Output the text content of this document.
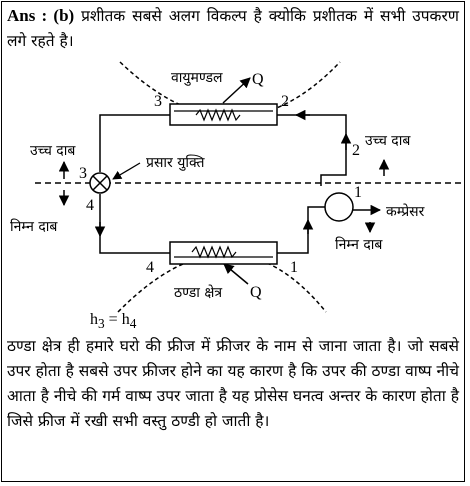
Ans : (b) प्रशीतक सबसे अलग विकल्प है क्योकि प्रशीतक में सभी उपकरण लगे रहते है।
वायुमण्डल Q
3	2
उच्च दाब
प्रसार युक्ति
3
4
निम्न दाब
उच्च दाब
2
1
कम्प्रेसर
निम्न दाब
4	1
ठण्डा क्षेत्र Q
$h_3 = h_4$
ठण्डा क्षेत्र ही हमारे घरो की फ्रीज में फ्रीजर के नाम से जाना जाता है। जो सबसे उपर होता है सबसे उपर फ्रीजर होने का यह कारण है कि उपर की ठण्डा वाष्प नीचे आता है नीचे की गर्म वाष्प उपर जाता है यह प्रोसेस घनत्व अन्तर के कारण होता है जिसे फ्रीज में रखी सभी वस्तु ठण्डी हो जाती है।
